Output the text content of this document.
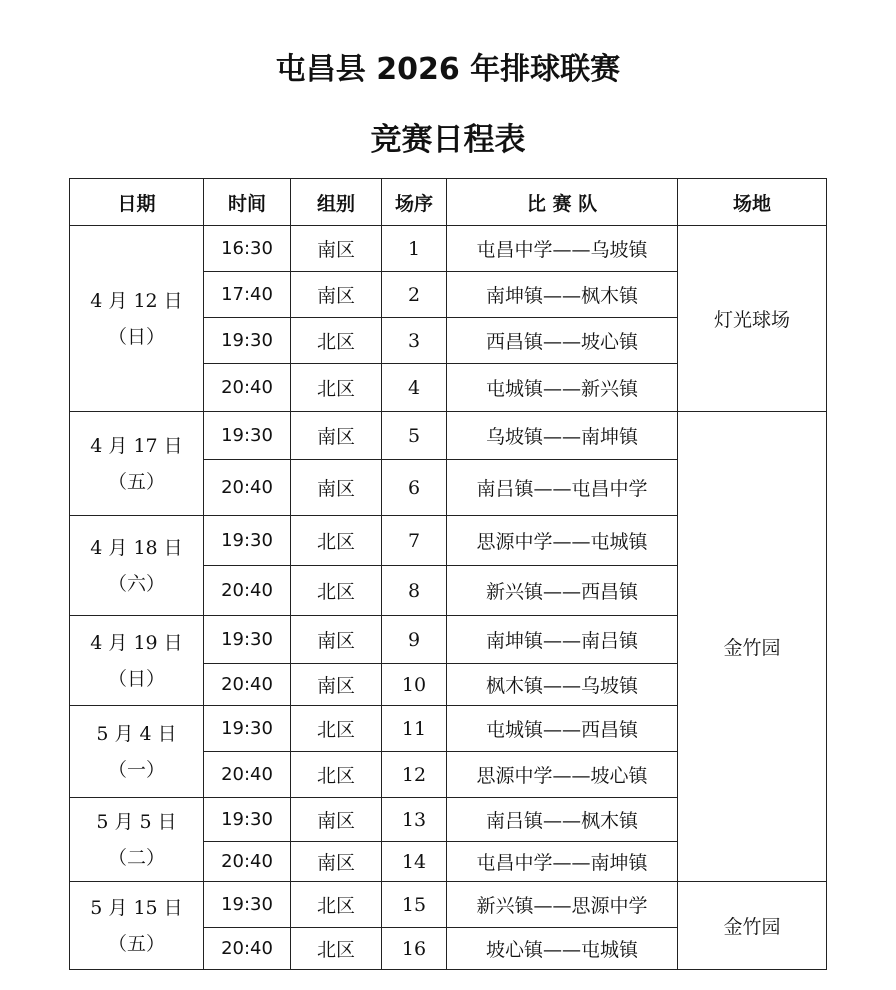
屯昌县 2026 年排球联赛
竞赛日程表
日期	时间	组别	场序	比 赛 队	场地

4 月 12 日
（日）	16:30	南区	1	屯昌中学——乌坡镇	灯光球场
	17:40	南区	2	南坤镇——枫木镇	
	19:30	北区	3	西昌镇——坡心镇	
	20:40	北区	4	屯城镇——新兴镇	

4 月 17 日
（五）	19:30	南区	5	乌坡镇——南坤镇	金竹园
	20:40	南区	6	南吕镇——屯昌中学	

4 月 18 日
（六）	19:30	北区	7	思源中学——屯城镇	
	20:40	北区	8	新兴镇——西昌镇	

4 月 19 日
（日）	19:30	南区	9	南坤镇——南吕镇	
	20:40	南区	10	枫木镇——乌坡镇	

5 月 4 日
（一）	19:30	北区	11	屯城镇——西昌镇	
	20:40	北区	12	思源中学——坡心镇	

5 月 5 日
（二）	19:30	南区	13	南吕镇——枫木镇	
	20:40	南区	14	屯昌中学——南坤镇	

5 月 15 日
（五）	19:30	北区	15	新兴镇——思源中学	金竹园
	20:40	北区	16	坡心镇——屯城镇	
